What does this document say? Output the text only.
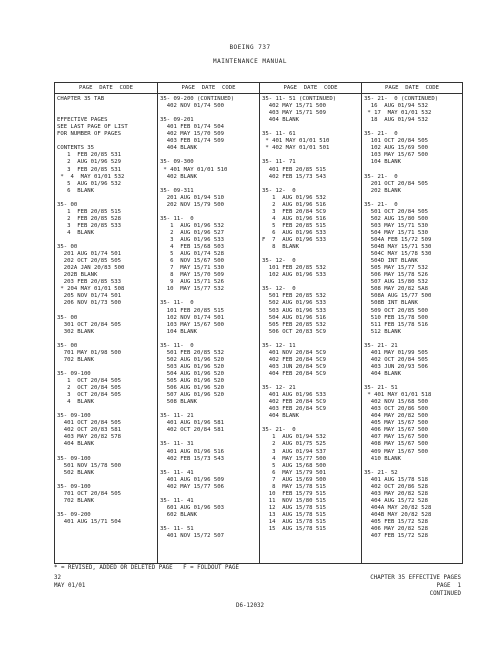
BOEING 737
MAINTENANCE MANUAL
PAGE  DATE  CODE
CHAPTER 35 TAB
EFFECTIVE PAGES
SEE LAST PAGE OF LIST
FOR NUMBER OF PAGES
CONTENTS 35
1  FEB 20/85 531
2  AUG 01/96 529
3  FEB 20/85 531
*  4  MAY 01/01 532
5  AUG 01/96 532
6  BLANK
35- 00
1  FEB 20/85 515
2  FEB 20/85 528
3  FEB 20/85 533
4  BLANK
35- 00
201 AUG 01/74 501
202 OCT 20/85 505
202A JAN 20/83 500
202B BLANK
203 FEB 20/85 533
* 204 MAY 01/01 508
205 NOV 01/74 501
206 NOV 01/73 500
35- 00
301 OCT 20/84 505
302 BLANK
35- 00
701 MAY 01/98 500
702 BLANK
35- 09-100
1  OCT 20/84 505
2  OCT 20/84 505
3  OCT 20/84 505
4  BLANK
35- 09-100
401 OCT 20/84 505
402 OCT 20/83 581
403 MAY 20/82 578
404 BLANK
35- 09-100
501 NOV 15/78 500
502 BLANK
35- 09-100
701 OCT 20/84 505
702 BLANK
35- 09-200
401 AUG 15/71 504
PAGE  DATE  CODE
35- 09-200 (CONTINUED)
402 NOV 01/74 500
35- 09-201
401 FEB 01/74 504
402 MAY 15/70 509
403 FEB 01/74 509
404 BLANK
35- 09-300
* 401 MAY 01/01 510
402 BLANK
35- 09-311
201 AUG 01/94 510
202 NOV 15/79 500
35- 11-  0
1  AUG 01/96 532
2  AUG 01/96 527
3  AUG 01/96 533
4  FEB 15/68 503
5  AUG 01/74 528
6  NOV 15/67 500
7  MAY 15/71 530
8  MAY 15/70 509
9  AUG 15/71 526
10  MAY 15/77 532
35- 11-  0
101 FEB 20/85 515
102 NOV 01/74 501
103 MAY 15/67 500
104 BLANK
35- 11-  0
501 FEB 20/85 532
502 AUG 01/96 520
503 AUG 01/96 520
504 AUG 01/96 520
505 AUG 01/96 520
506 AUG 01/96 520
507 AUG 01/96 520
508 BLANK
35- 11- 21
401 AUG 01/96 581
402 OCT 20/84 581
35- 11- 31
401 AUG 01/96 516
402 FEB 15/73 543
35- 11- 41
401 AUG 01/96 509
402 MAY 15/77 506
35- 11- 41
601 AUG 01/96 503
602 BLANK
35- 11- 51
401 NOV 15/72 507
PAGE  DATE  CODE
35- 11- 51 (CONTINUED)
402 MAY 15/71 500
403 MAY 15/71 509
404 BLANK
35- 11- 61
* 401 MAY 01/01 510
* 402 MAY 01/01 501
35- 11- 71
401 FEB 20/85 515
402 FEB 15/73 543
35- 12-  0
1  AUG 01/96 532
2  AUG 01/96 516
3  FEB 20/84 5C9
4  AUG 01/96 516
5  FEB 20/85 515
6  AUG 01/96 533
F  7  AUG 01/96 533
8  BLANK
35- 12-  0
101 FEB 20/85 532
102 AUG 01/96 533
35- 12-  0
501 FEB 20/85 532
502 AUG 01/96 533
503 AUG 01/96 533
504 AUG 01/96 516
505 FEB 20/85 532
506 OCT 20/83 5C9
35- 12- 11
401 NOV 20/84 5C9
402 FEB 20/84 5C9
403 JUN 20/84 5C9
404 FEB 20/84 5C9
35- 12- 21
401 AUG 01/96 533
402 FEB 20/84 5C9
403 FEB 20/84 5C9
404 BLANK
35- 21-  0
1  AUG 01/94 532
2  AUG 01/75 525
3  AUG 01/94 537
4  MAY 15/77 500
5  AUG 15/68 500
6  MAY 15/79 501
7  AUG 15/69 500
8  MAY 15/78 515
10  FEB 15/79 515
11  NOV 15/80 515
12  AUG 15/78 515
13  AUG 15/78 515
14  AUG 15/78 515
15  AUG 15/78 515
PAGE  DATE  CODE
35- 21-  0 (CONTINUED)
16  AUG 01/94 532
* 17  MAY 01/01 532
18  AUG 01/94 532
35- 21-  0
101 OCT 20/84 505
102 AUG 15/69 500
103 MAY 15/67 500
104 BLANK
35- 21-  0
201 OCT 20/84 505
202 BLANK
35- 21-  0
501 OCT 20/84 505
502 AUG 15/80 500
503 MAY 15/71 530
504 MAY 15/71 530
504A FEB 15/72 509
504B MAY 15/71 530
504C MAY 15/78 530
504D INT BLANK
505 MAY 15/77 532
506 MAY 15/78 526
507 AUG 15/80 532
508 MAY 20/82 5A8
508A AUG 15/77 500
508B INT BLANK
509 OCT 20/85 500
510 FEB 15/78 500
511 FEB 15/78 516
512 BLANK
35- 21- 21
401 MAY 01/99 505
402 OCT 20/84 505
403 JUN 20/93 506
404 BLANK
35- 21- 51
* 401 MAY 01/01 518
402 NOV 15/68 500
403 OCT 20/86 500
404 MAY 20/82 500
405 MAY 15/67 500
406 MAY 15/67 500
407 MAY 15/67 500
408 MAY 15/67 500
409 MAY 15/67 500
410 BLANK
35- 21- 52
401 AUG 15/78 518
402 OCT 20/86 528
403 MAY 20/82 528
404 AUG 15/72 528
404A MAY 20/82 528
404B MAY 20/82 528
405 FEB 15/72 528
406 MAY 20/82 528
407 FEB 15/72 528
* = REVISED, ADDED OR DELETED PAGE   F = FOLDOUT PAGE
32
MAY 01/01
CHAPTER 35 EFFECTIVE PAGES
PAGE  1
CONTINUED
D6-12032
